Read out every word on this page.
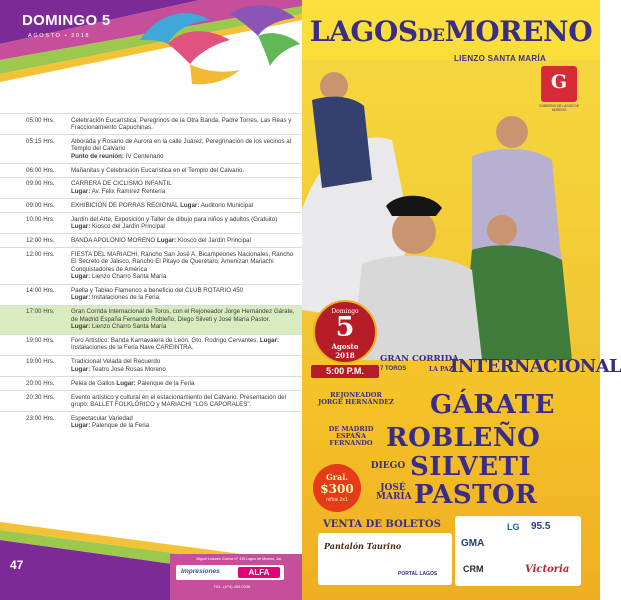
DOMINGO 5
AGOSTO • 2018
05:00 Hrs.	Celebración Eucarística. Peregrinos de la Otra Banda, Padre Torres, Las Reas y Fraccionamiento Capuchinas.
05:15 Hrs.	Alborada y Rosario de Aurora en la calle Juárez, Peregrinación de los vecinos al Templo del Calvario
Punto de reunión: IV Centenario
06:00 Hrs.	Mañanitas y Celebración Eucarística en el Templo del Calvario.
09:00 Hrs.	CARRERA DE CICLISMO INFANTIL
Lugar: Av. Felix Ramírez Rentería
09:00 Hrs.	EXHIBICIÓN DE PORRAS REGIONAL Lugar: Auditorio Municipal
10:00 Hrs.	Jardín del Arte, Exposición y Taller de dibujo para niños y adultos (Gratuito) Lugar: Kiosco del Jardín Principal
12:00 Hrs.	BANDA APOLONIO MORENO Lugar: Kiosco del Jardín Principal
12:00 Hrs.	FIESTA DEL MARIACHI, Rancho San José A. Bicampeones Nacionales, Rancho El Secreto de Jalisco, Rancho El Pitayo de Querétaro, Amenizan Mariachi Conquistadores de América
Lugar: Lienzo Charro Santa María
14:00 Hrs.	Paella y Tablao Flamenco a beneficio del CLUB ROTARIO 450
Lugar: Instalaciones de la Feria.
17:00 Hrs.	Gran Corrida Internacional de Toros, con el Rejoneador Jorge Hernández Gárate, de Madrid España Fernando Robleño, Diego Silveti y José María Pastor.
Lugar: Lienzo Charro Santa María
19:00 Hrs.	Foro Artístico: Banda Karnavalera de León, Gto. Rodrigo Cervantes. Lugar: Instalaciones de la Feria Nave CAREINTRA.
19:00 Hrs.	Tradicional Velada del Recuerdo
Lugar: Teatro José Rosas Moreno
20:00 Hrs.	Pelea de Gallos Lugar: Palenque de la Feria
20:30 Hrs.	Evento artístico y cultural en el estacionamiento del Calvario. Presentación del grupo: BALLET FOLKLÓRICO y MARIACHI "LOS CAPORALES".
23:00 Hrs.	Espectacular Variedad
Lugar: Palenque de la Feria
47	Miguel Leandro Guerra N° 339 Lagos de Moreno, Jal.
Impresiones	ALFA
TEL. (474) 455 0336
LAGOSDEMORENO
LIENZO SANTA MARÍA
G
GOBIERNO DE LAGOS DE MORENO
Domingo
5
Agosto
2018
5:00 P.M.
GRAN CORRIDA
7 TOROS	LA PAZ
INTERNACIONAL
REJONEADOR JORGE HERNÁNDEZ GÁRATE
DE MADRID ESPAÑA FERNANDO ROBLEÑO
DIEGO SILVETI
JOSÉ MARÍA PASTOR
Gral.
$300
niños 2x1
VENTA DE BOLETOS
Pantalón Taurino
PORTAL LAGOS
LG 95.5
GMA
CRM	Victoria
